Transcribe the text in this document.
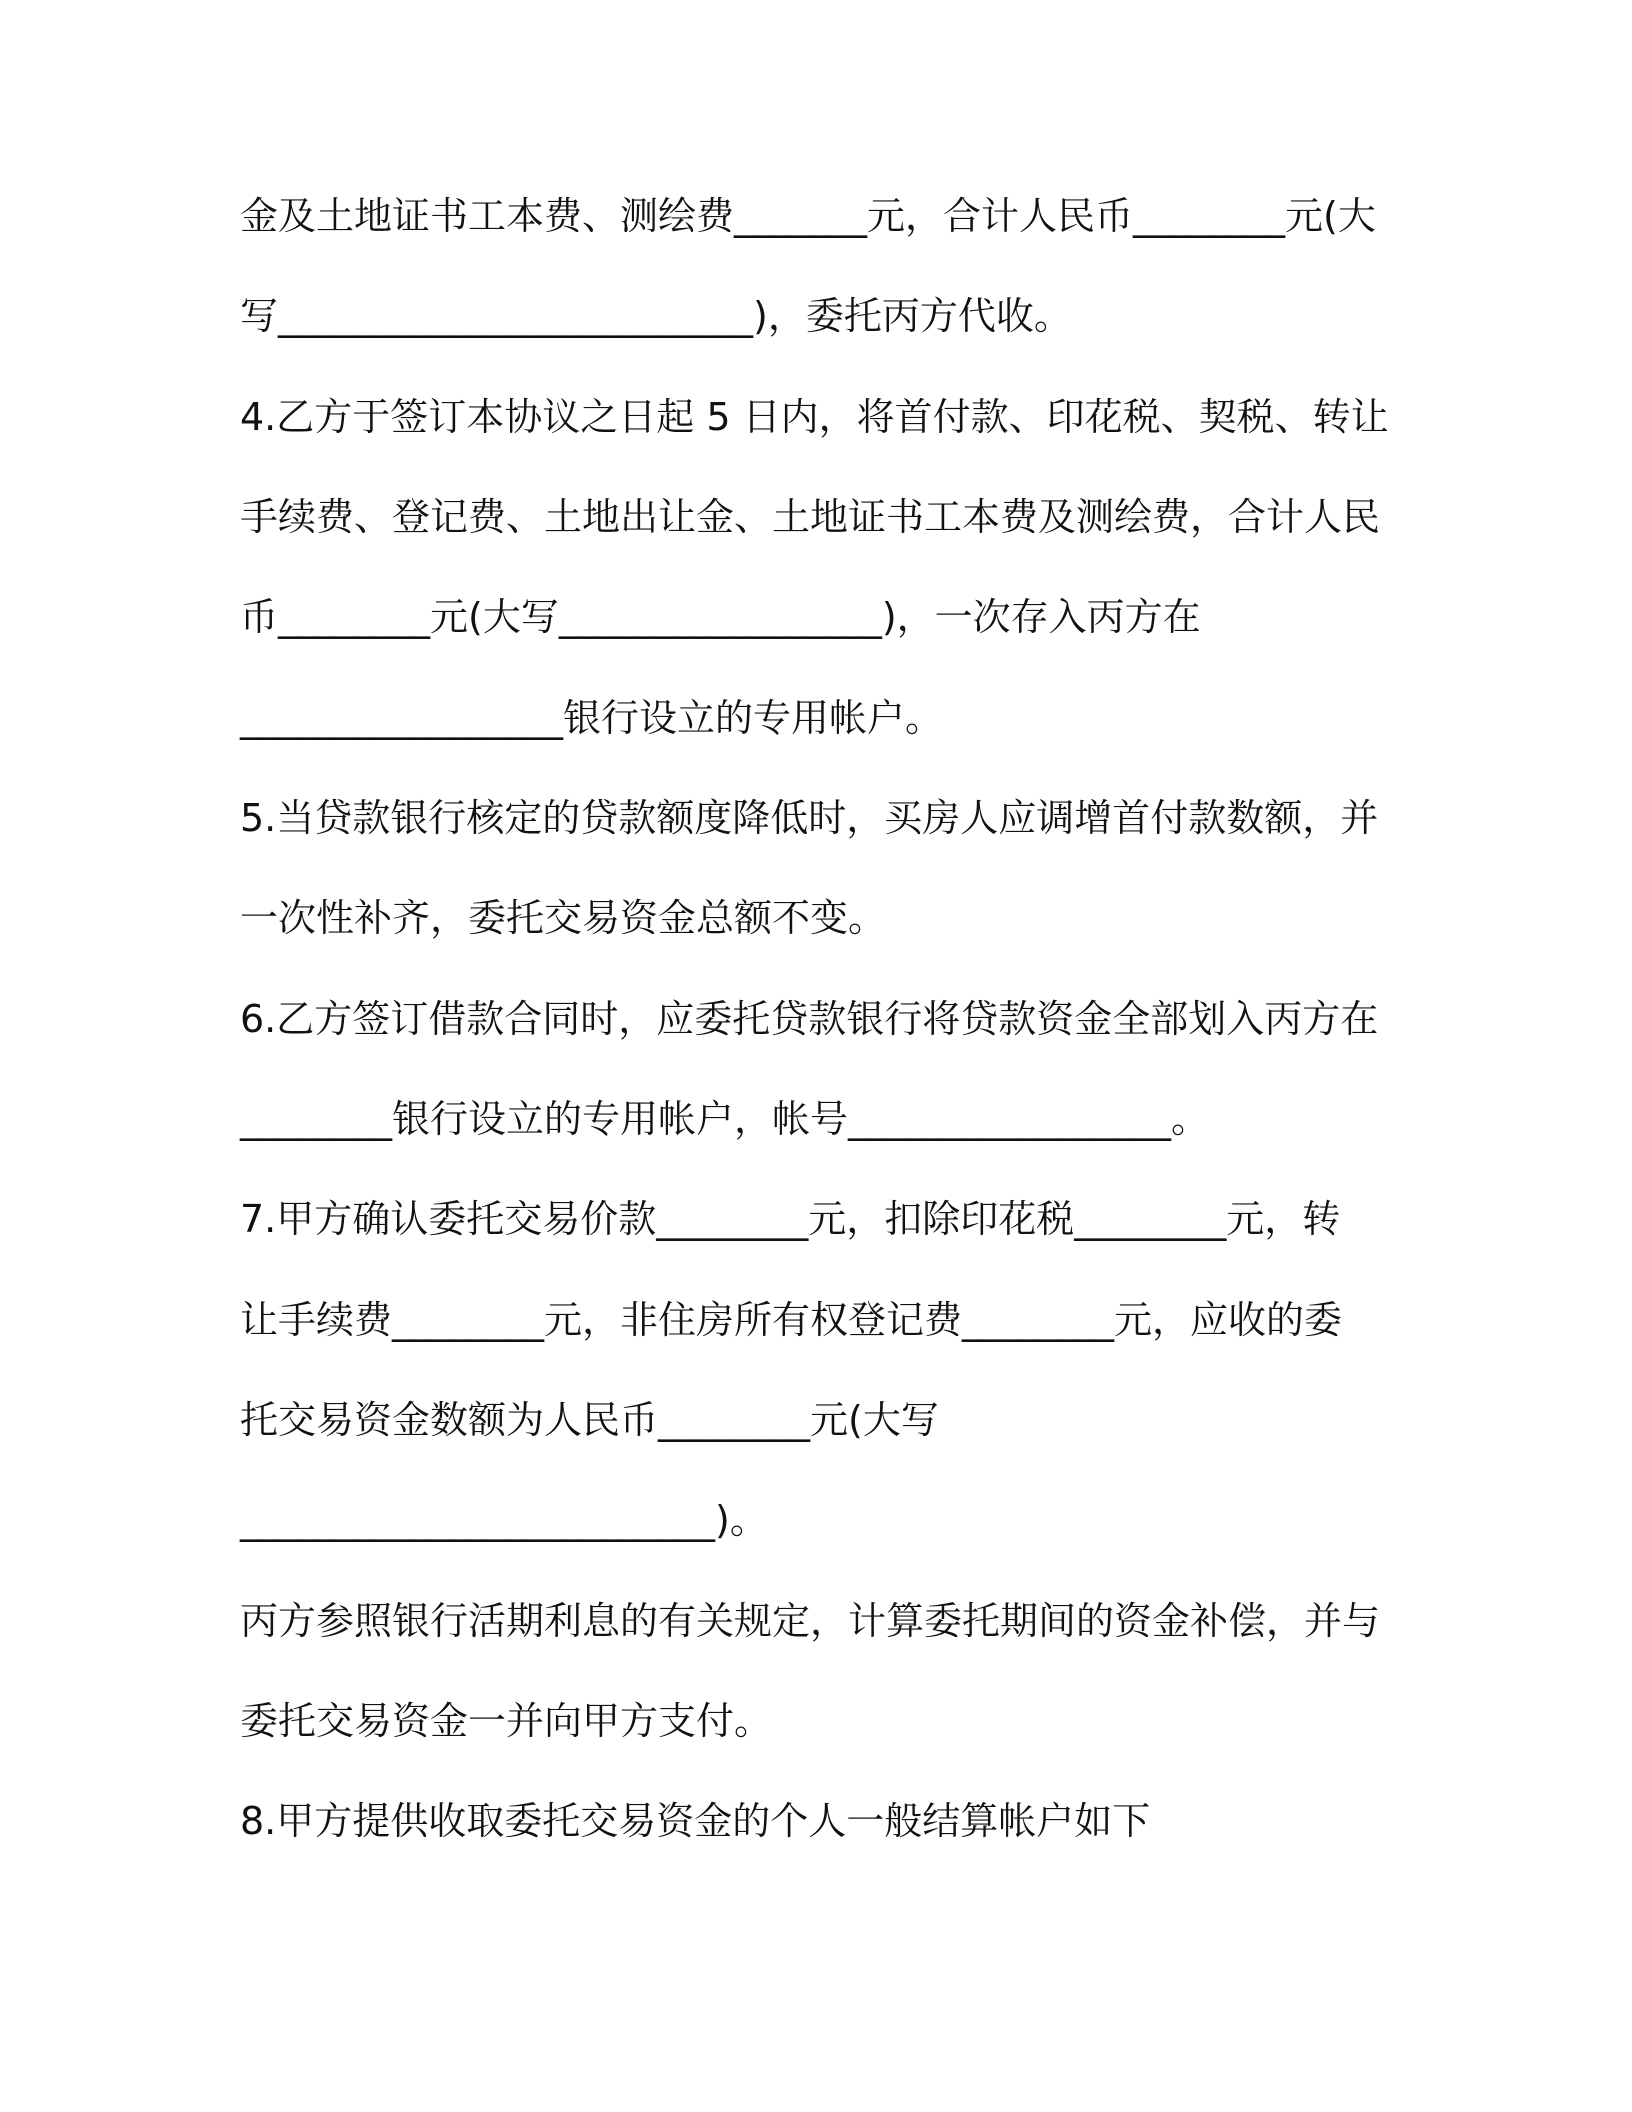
金及土地证书工本费、测绘费_______元，合计人民币________元(大
写_________________________)，委托丙方代收。
4.乙方于签订本协议之日起 5 日内，将首付款、印花税、契税、转让
手续费、登记费、土地出让金、土地证书工本费及测绘费，合计人民
币________元(大写_________________)，一次存入丙方在
_________________银行设立的专用帐户。
5.当贷款银行核定的贷款额度降低时，买房人应调增首付款数额，并
一次性补齐，委托交易资金总额不变。
6.乙方签订借款合同时，应委托贷款银行将贷款资金全部划入丙方在
________银行设立的专用帐户，帐号_________________。
7.甲方确认委托交易价款________元，扣除印花税________元，转
让手续费________元，非住房所有权登记费________元，应收的委
托交易资金数额为人民币________元(大写
_________________________)。
丙方参照银行活期利息的有关规定，计算委托期间的资金补偿，并与
委托交易资金一并向甲方支付。
8.甲方提供收取委托交易资金的个人一般结算帐户如下
